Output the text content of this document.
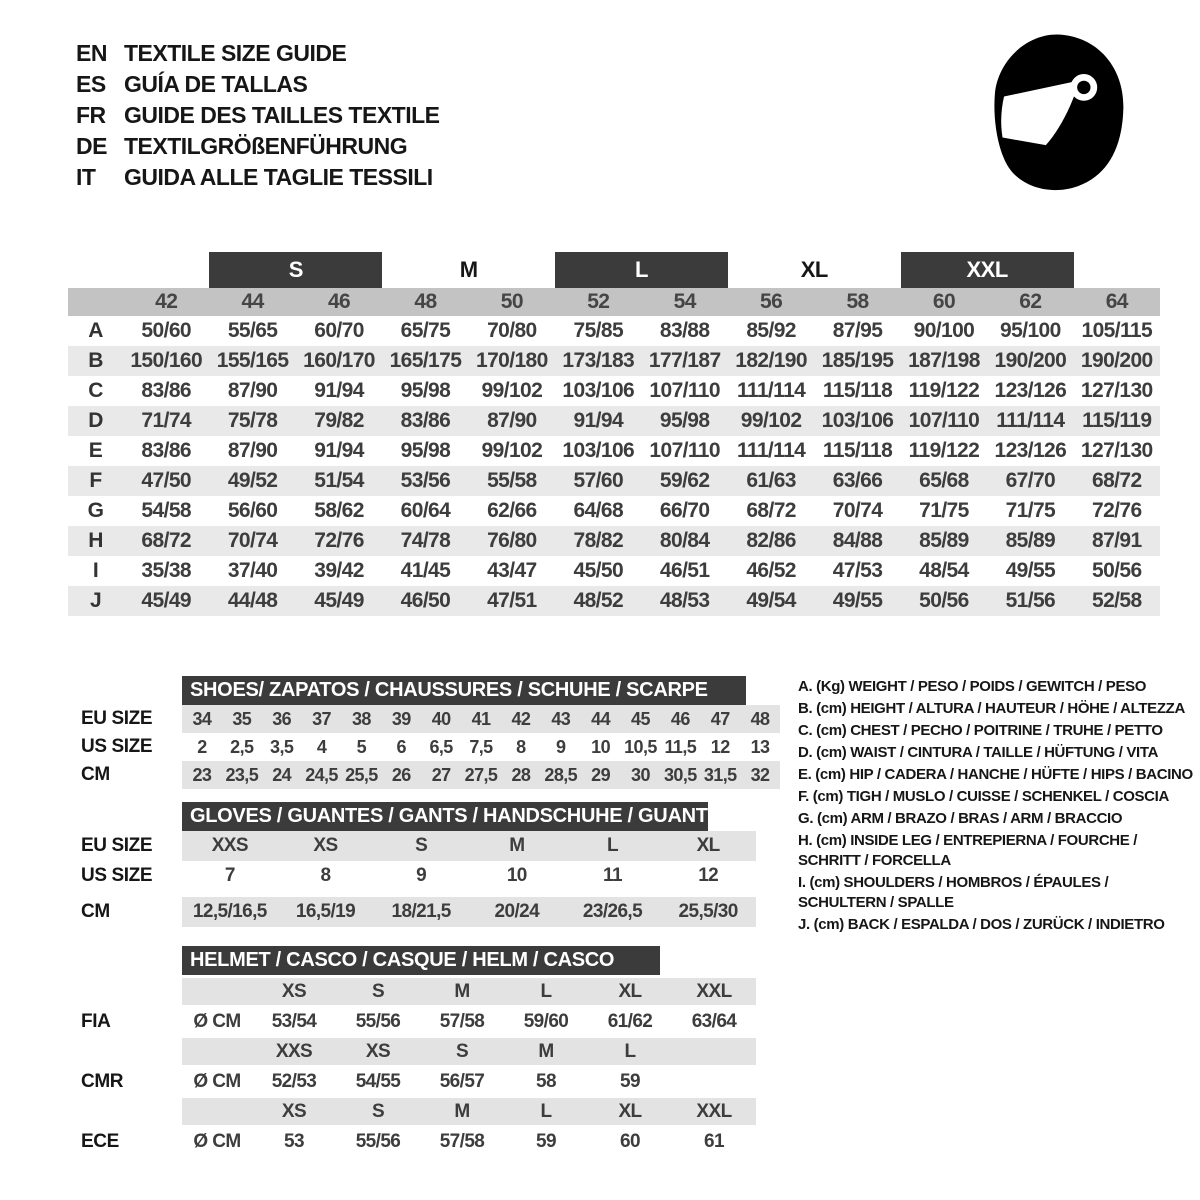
EN TEXTILE SIZE GUIDE
ES GUÍA DE TALLAS
FR GUIDE DES TAILLES TEXTILE
DE TEXTILGRÖßENFÜHRUNG
IT	GUIDA ALLE TAGLIE TESSILI
S	M	L	XL	XXL
42	44	46	48	50	52	54	56	58	60	62	64
A	50/60	55/65	60/70	65/75	70/80	75/85	83/88	85/92	87/95	90/100	95/100 105/115
B	150/160 155/165 160/170 165/175 170/180 173/183 177/187 182/190 185/195 187/198 190/200 190/200
C	83/86	87/90	91/94	95/98	99/102 103/106 107/110 111/114 115/118 119/122 123/126 127/130
D	71/74	75/78	79/82	83/86	87/90	91/94	95/98	99/102 103/106 107/110 111/114 115/119
E	83/86	87/90	91/94	95/98	99/102 103/106 107/110 111/114 115/118 119/122 123/126 127/130
F	47/50	49/52	51/54	53/56	55/58	57/60	59/62	61/63	63/66	65/68	67/70	68/72
G	54/58	56/60	58/62	60/64	62/66	64/68	66/70	68/72	70/74	71/75	71/75	72/76
H	68/72	70/74	72/76	74/78	76/80	78/82	80/84	82/86	84/88	85/89	85/89	87/91
I	35/38	37/40	39/42	41/45	43/47	45/50	46/51	46/52	47/53	48/54	49/55	50/56
J	45/49	44/48	45/49	46/50	47/51	48/52	48/53	49/54	49/55	50/56	51/56	52/58
SHOES/ ZAPATOS / CHAUSSURES / SCHUHE / SCARPE
EU SIZE	34	35	36	37	38	39	40	41	42	43	44	45	46	47	48
US SIZE	2	2,5 3,5	4	5	6	6,5 7,5	8	9	10 10,5 11,5 12	13
CM	23 23,5 24 24,5 25,5 26	27 27,5 28 28,5 29	30 30,5 31,5 32
GLOVES / GUANTES / GANTS / HANDSCHUHE / GUANTI
EU SIZE	XXS	XS	S	M	L	XL
US SIZE	7	8	9	10	11	12
CM	12,5/16,5	16,5/19	18/21,5	20/24	23/26,5	25,5/30
HELMET / CASCO / CASQUE / HELM / CASCO
XS	S	M	L	XL	XXL
FIA	Ø CM	53/54	55/56	57/58	59/60	61/62	63/64
XXS	XS	S	M	L
CMR	Ø CM	52/53	54/55	56/57	58	59
XS	S	M	L	XL	XXL
ECE	Ø CM	53	55/56	57/58	59	60	61
A. (Kg) WEIGHT / PESO / POIDS / GEWITCH / PESO
B. (cm) HEIGHT / ALTURA / HAUTEUR / HÖHE / ALTEZZA
C. (cm) CHEST / PECHO / POITRINE / TRUHE / PETTO
D. (cm) WAIST / CINTURA / TAILLE / HÜFTUNG / VITA
E. (cm) HIP / CADERA / HANCHE / HÜFTE / HIPS / BACINO
F. (cm) TIGH / MUSLO / CUISSE / SCHENKEL / COSCIA
G. (cm) ARM / BRAZO / BRAS / ARM / BRACCIO
H. (cm) INSIDE LEG / ENTREPIERNA / FOURCHE / SCHRITT / FORCELLA
I. (cm) SHOULDERS / HOMBROS / ÉPAULES / SCHULTERN / SPALLE
J. (cm) BACK / ESPALDA / DOS / ZURÜCK / INDIETRO
